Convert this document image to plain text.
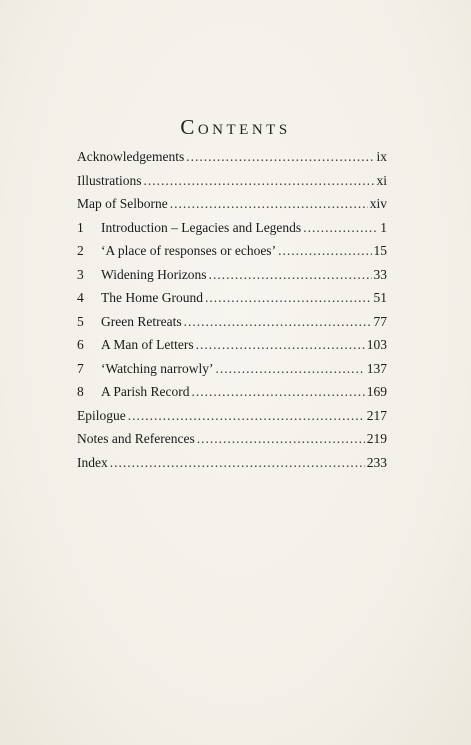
Contents
Acknowledgements .....	ix
Illustrations .....	xi
Map of Selborne .....	xiv
1	Introduction – Legacies and Legends .....	1
2	‘A place of responses or echoes’ .....	15
3	Widening Horizons .....	33
4	The Home Ground .....	51
5	Green Retreats .....	77
6	A Man of Letters .....	103
7	‘Watching narrowly’ .....	137
8	A Parish Record .....	169
Epilogue .....	217
Notes and References .....	219
Index .....	233
